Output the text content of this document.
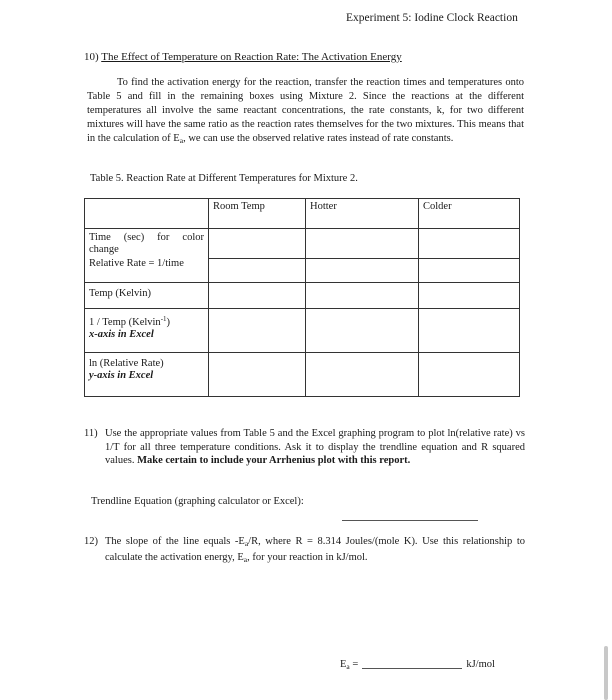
Experiment 5: Iodine Clock Reaction
10) The Effect of Temperature on Reaction Rate: The Activation Energy

To find the activation energy for the reaction, transfer the reaction times and temperatures onto Table 5 and fill in the remaining boxes using Mixture 2. Since the reactions at the different temperatures all involve the same reactant concentrations, the rate constants, k, for two different mixtures will have the same ratio as the reaction rates themselves for the two mixtures. This means that in the calculation of $E_a$, we can use the observed relative rates instead of rate constants.

Table 5. Reaction Rate at Different Temperatures for Mixture 2.
	Room Temp	Hotter	Colder

Time (sec) for color change			

Relative Rate = 1/time			
Temp (Kelvin)			

1 / Temp (Kelvin$^{-1}$)
x-axis in Excel			

ln (Relative Rate)
y-axis in Excel			

11) Use the appropriate values from Table 5 and the Excel graphing program to plot ln(relative rate) vs 1/T for all three temperature conditions. Ask it to display the trendline equation and R squared values. Make certain to include your Arrhenius plot with this report.
Trendline Equation (graphing calculator or Excel):
12) The slope of the line equals $-E_a/R$, where R = 8.314 Joules/(mole K). Use this relationship to calculate the activation energy, $E_a$, for your reaction in kJ/mol.
$E_a$ =	kJ/mol
